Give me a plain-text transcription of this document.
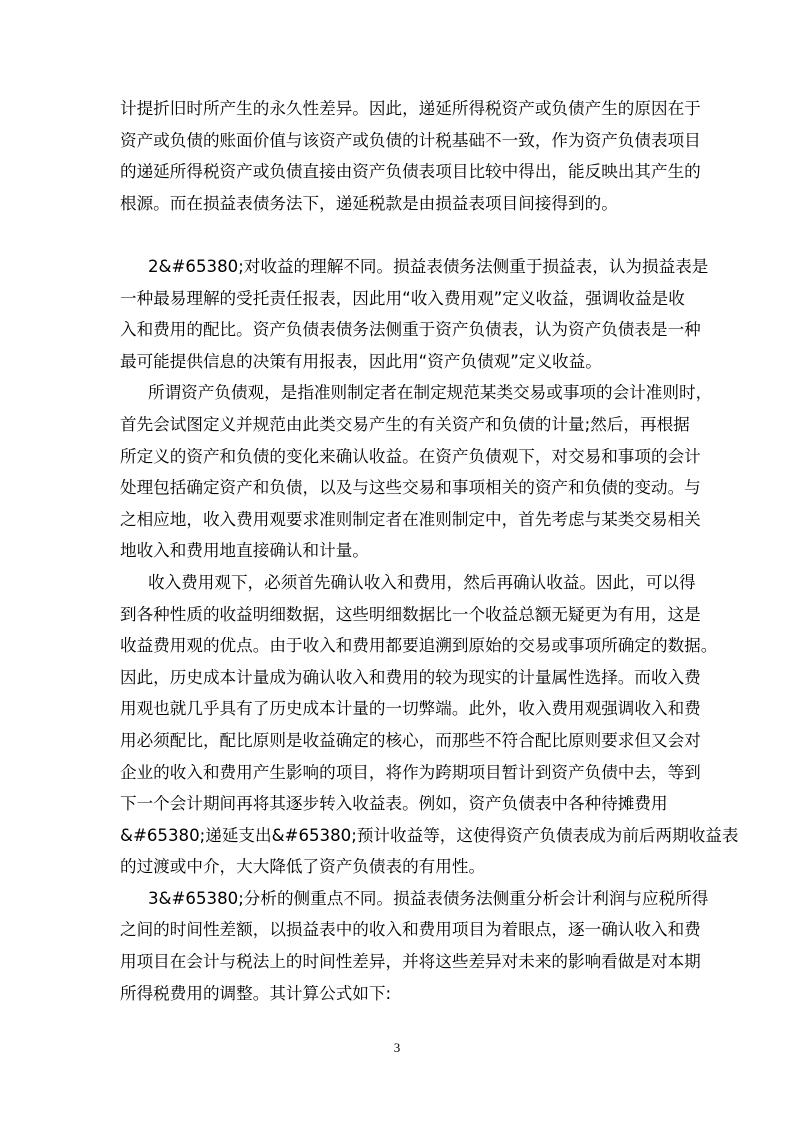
计提折旧时所产生的永久性差异。因此，递延所得税资产或负债产生的原因在于
资产或负债的账面价值与该资产或负债的计税基础不一致，作为资产负债表项目
的递延所得税资产或负债直接由资产负债表项目比较中得出，能反映出其产生的
根源。而在损益表债务法下，递延税款是由损益表项目间接得到的。
2&#65380;对收益的理解不同。损益表债务法侧重于损益表，认为损益表是
一种最易理解的受托责任报表，因此用“收入费用观”定义收益，强调收益是收
入和费用的配比。资产负债表债务法侧重于资产负债表，认为资产负债表是一种
最可能提供信息的决策有用报表，因此用“资产负债观”定义收益。
所谓资产负债观，是指准则制定者在制定规范某类交易或事项的会计准则时，
首先会试图定义并规范由此类交易产生的有关资产和负债的计量;然后，再根据
所定义的资产和负债的变化来确认收益。在资产负债观下，对交易和事项的会计
处理包括确定资产和负债，以及与这些交易和事项相关的资产和负债的变动。与
之相应地，收入费用观要求准则制定者在准则制定中，首先考虑与某类交易相关
地收入和费用地直接确认和计量。
收入费用观下，必须首先确认收入和费用，然后再确认收益。因此，可以得
到各种性质的收益明细数据，这些明细数据比一个收益总额无疑更为有用，这是
收益费用观的优点。由于收入和费用都要追溯到原始的交易或事项所确定的数据。
因此，历史成本计量成为确认收入和费用的较为现实的计量属性选择。而收入费
用观也就几乎具有了历史成本计量的一切弊端。此外，收入费用观强调收入和费
用必须配比，配比原则是收益确定的核心，而那些不符合配比原则要求但又会对
企业的收入和费用产生影响的项目，将作为跨期项目暂计到资产负债中去，等到
下一个会计期间再将其逐步转入收益表。例如，资产负债表中各种待摊费用
&#65380;递延支出&#65380;预计收益等，这使得资产负债表成为前后两期收益表
的过渡或中介，大大降低了资产负债表的有用性。
3&#65380;分析的侧重点不同。损益表债务法侧重分析会计利润与应税所得
之间的时间性差额，以损益表中的收入和费用项目为着眼点，逐一确认收入和费
用项目在会计与税法上的时间性差异，并将这些差异对未来的影响看做是对本期
所得税费用的调整。其计算公式如下:
3
